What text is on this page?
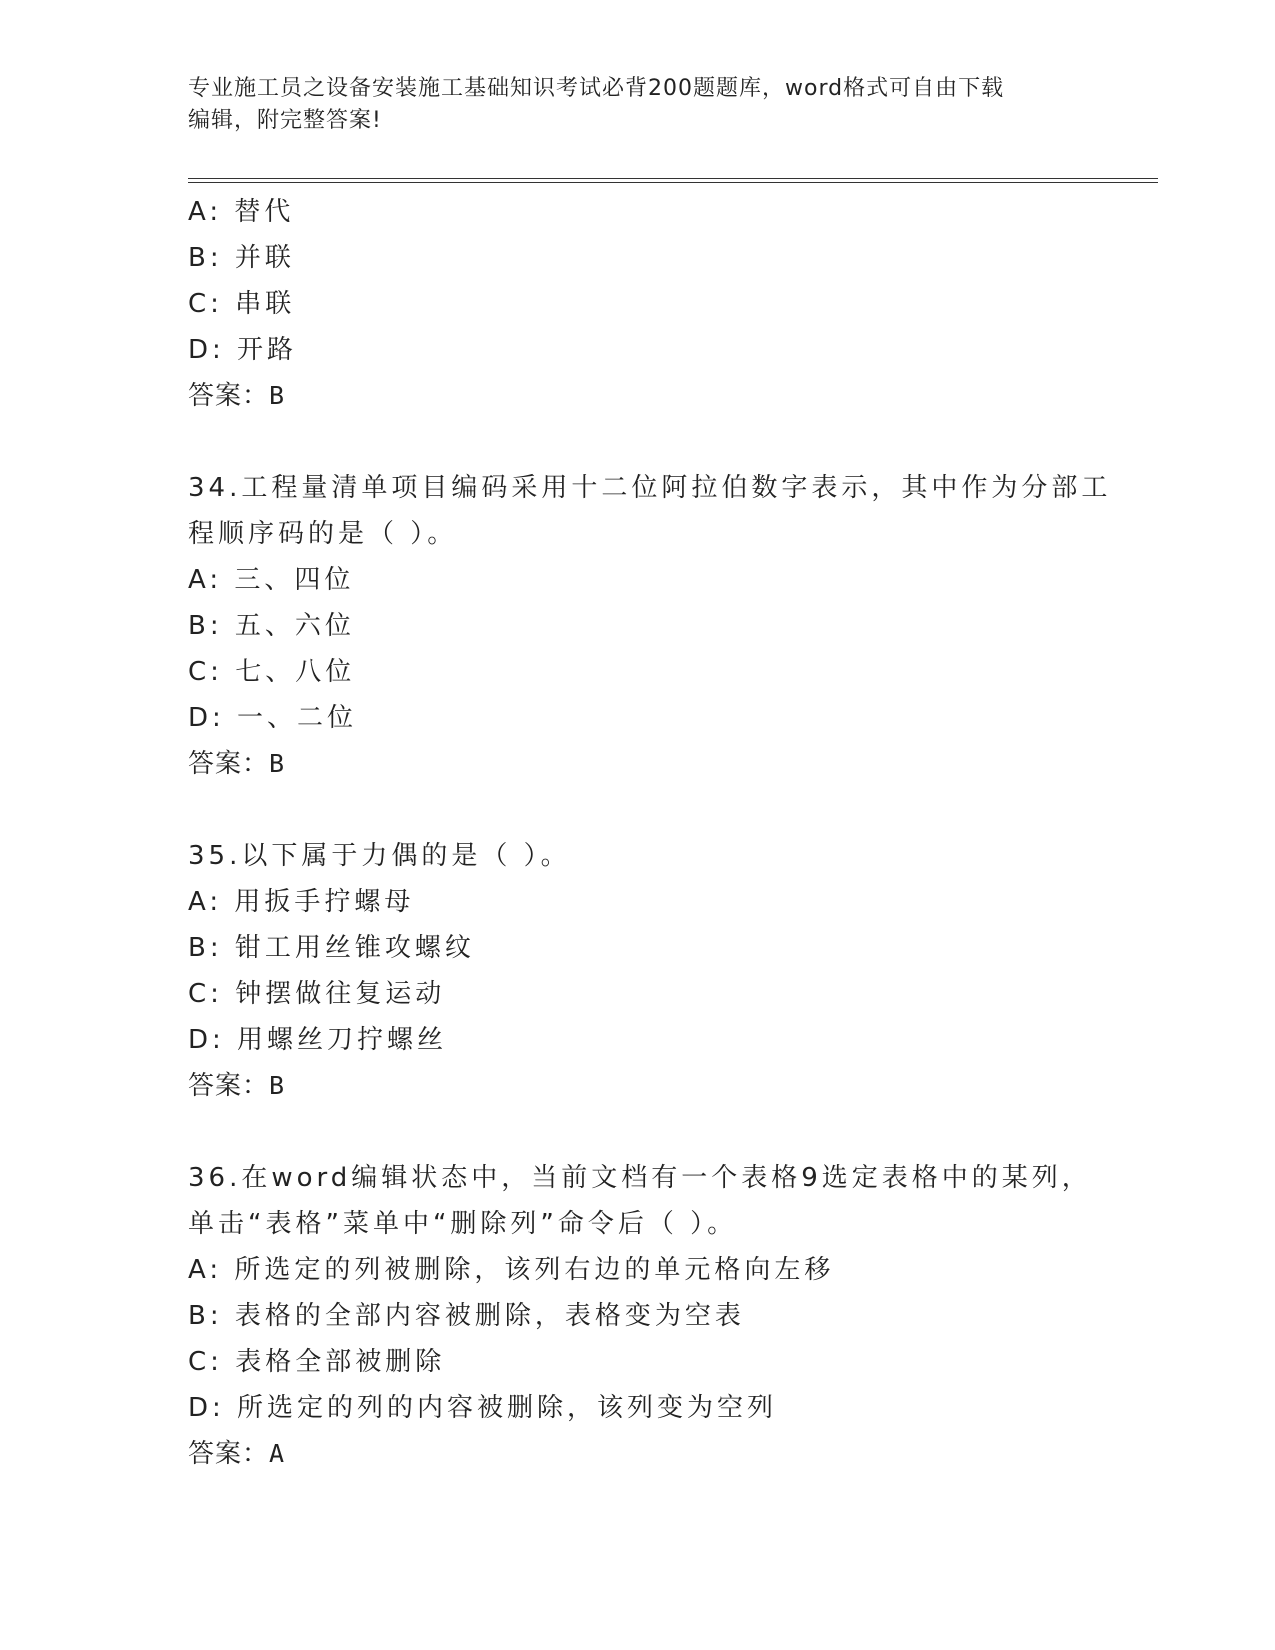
专业施工员之设备安装施工基础知识考试必背200题题库，word格式可自由下载
编辑，附完整答案!
A: 替代
B: 并联
C: 串联
D: 开路
答案：B
34.工程量清单项目编码采用十二位阿拉伯数字表示，其中作为分部工
程顺序码的是（ ）。
A: 三、四位
B: 五、六位
C: 七、八位
D: 一、二位
答案：B
35.以下属于力偶的是（ ）。
A: 用扳手拧螺母
B: 钳工用丝锥攻螺纹
C: 钟摆做往复运动
D: 用螺丝刀拧螺丝
答案：B
36.在word编辑状态中，当前文档有一个表格9选定表格中的某列，
单击“表格”菜单中“删除列”命令后（ ）。
A: 所选定的列被删除，该列右边的单元格向左移
B: 表格的全部内容被删除，表格变为空表
C: 表格全部被删除
D: 所选定的列的内容被删除，该列变为空列
答案：A
